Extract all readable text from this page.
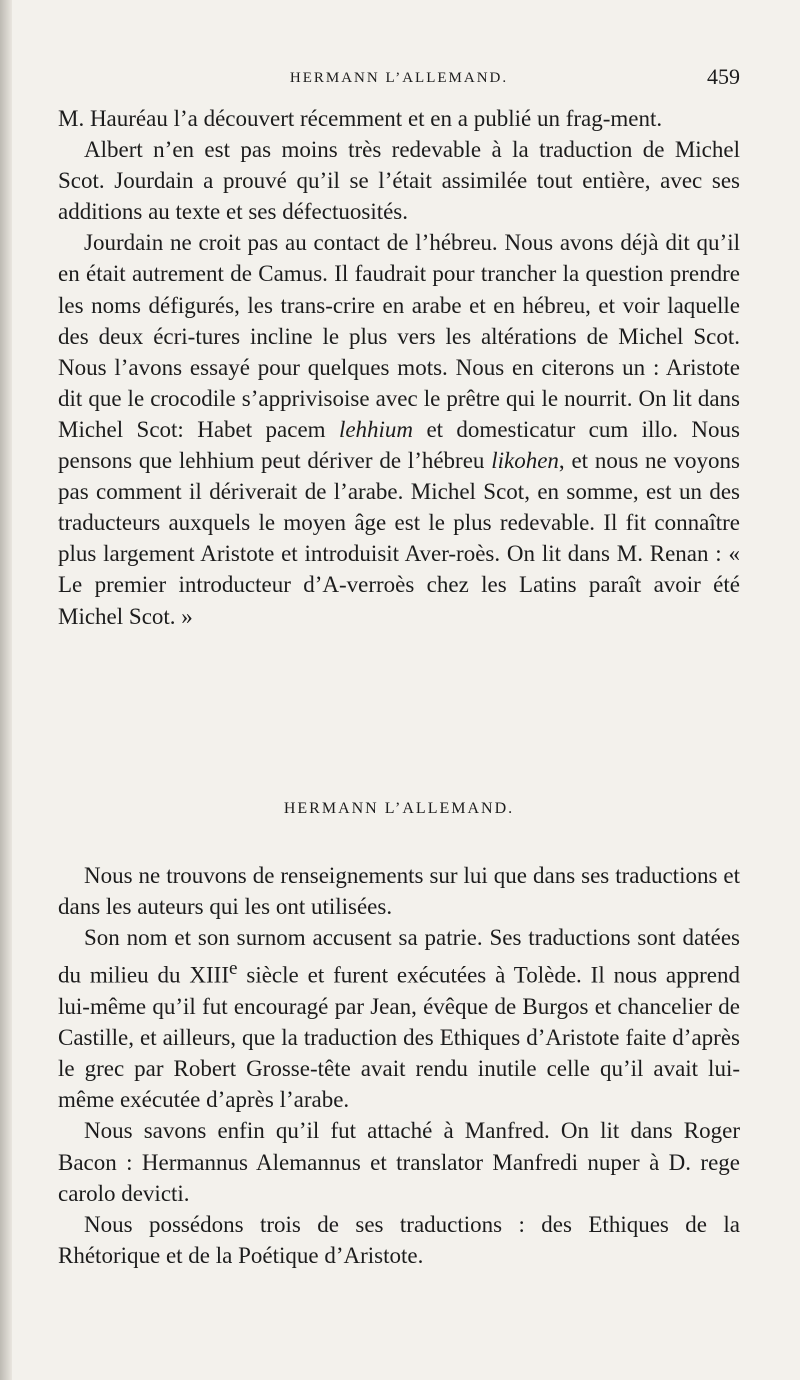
HERMANN L’ALLEMAND.	459

M. Hauréau l’a découvert récemment et en a publié un frag-ment.

Albert n’en est pas moins très redevable à la traduction de Michel Scot. Jourdain a prouvé qu’il se l’était assimilée tout entière, avec ses additions au texte et ses défectuosités.

Jourdain ne croit pas au contact de l’hébreu. Nous avons déjà dit qu’il en était autrement de Camus. Il faudrait pour trancher la question prendre les noms défigurés, les trans-crire en arabe et en hébreu, et voir laquelle des deux écri-tures incline le plus vers les altérations de Michel Scot. Nous l’avons essayé pour quelques mots. Nous en citerons un : Aristote dit que le crocodile s’apprivisoise avec le prêtre qui le nourrit. On lit dans Michel Scot: Habet pacem lehhium et domesticatur cum illo. Nous pensons que lehhium peut dériver de l’hébreu likohen, et nous ne voyons pas comment il dériverait de l’arabe. Michel Scot, en somme, est un des traducteurs auxquels le moyen âge est le plus redevable. Il fit connaître plus largement Aristote et introduisit Aver-roès. On lit dans M. Renan : « Le premier introducteur d’A-verroès chez les Latins paraît avoir été Michel Scot. »

HERMANN L’ALLEMAND.

Nous ne trouvons de renseignements sur lui que dans ses traductions et dans les auteurs qui les ont utilisées.

Son nom et son surnom accusent sa patrie. Ses traductions sont datées du milieu du XIIIe siècle et furent exécutées à Tolède. Il nous apprend lui-même qu’il fut encouragé par Jean, évêque de Burgos et chancelier de Castille, et ailleurs, que la traduction des Ethiques d’Aristote faite d’après le grec par Robert Grosse-tête avait rendu inutile celle qu’il avait lui-même exécutée d’après l’arabe.

Nous savons enfin qu’il fut attaché à Manfred. On lit dans Roger Bacon : Hermannus Alemannus et translator Manfredi nuper à D. rege carolo devicti.

Nous possédons trois de ses traductions : des Ethiques de la Rhétorique et de la Poétique d’Aristote.
